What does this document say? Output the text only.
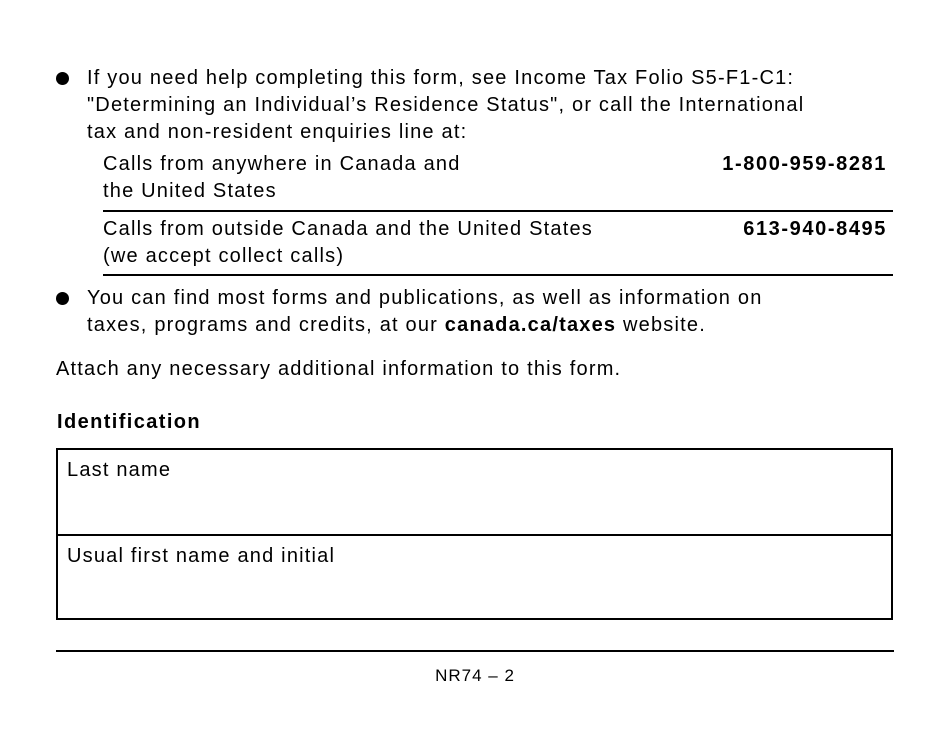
If you need help completing this form, see Income Tax Folio S5-F1-C1:
"Determining an Individual’s Residence Status", or call the International
tax and non-resident enquiries line at:
Calls from anywhere in Canada and
the United States
1-800-959-8281
Calls from outside Canada and the United States
(we accept collect calls)
613-940-8495
You can find most forms and publications, as well as information on
taxes, programs and credits, at our canada.ca/taxes website.
Attach any necessary additional information to this form.
Identification
Last name
Usual first name and initial
NR74 – 2
